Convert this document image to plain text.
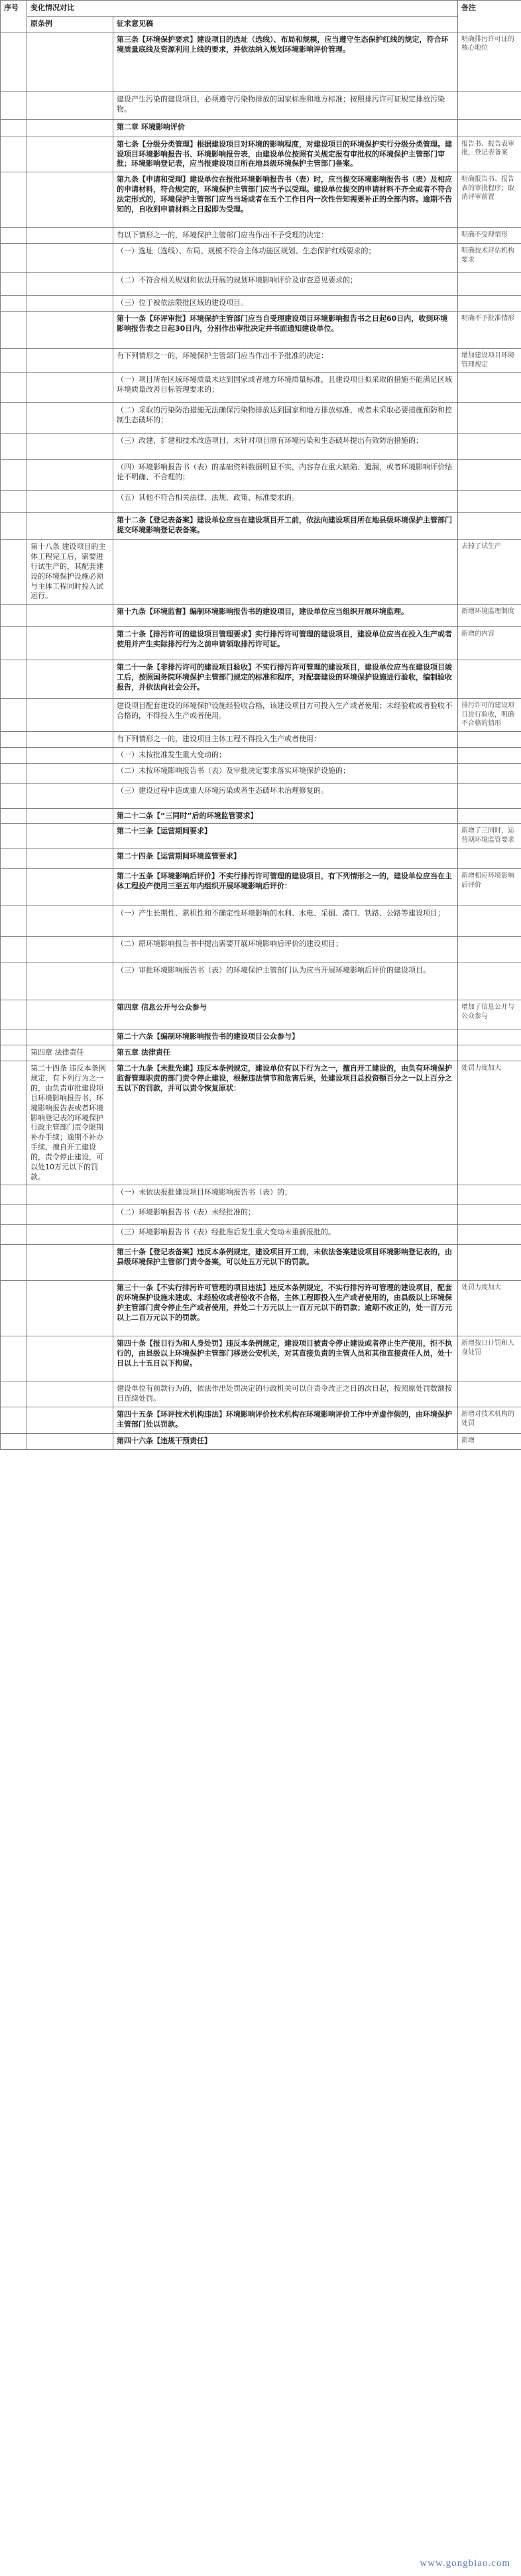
序号	变化情况对比		备注
	原条例	征求意见稿	
		第三条【环境保护要求】建设项目的选址（选线）、布局和规模，应当遵守生态保护红线的规定，符合环境质量底线及资源利用上线的要求，并依法纳入规划环境影响评价管理。	明确排污许可证的核心地位
		建设产生污染的建设项目，必须遵守污染物排放的国家标准和地方标准；按照排污许可证规定排放污染物。	
		第二章 环境影响评价	
		第七条【分级分类管理】根据建设项目对环境的影响程度，对建设项目的环境保护实行分级分类管理。建设项目环境影响报告书、环境影响报告表，由建设单位按照有关规定报有审批权的环境保护主管部门审批；环境影响登记表，应当报建设项目所在地县级环境保护主管部门备案。	报告书、报告表审批，登记表备案
		第九条【申请和受理】建设单位在报批环境影响报告书（表）时，应当提交环境影响报告书（表）及相应的申请材料，符合规定的，环境保护主管部门应当予以受理。建设单位提交的申请材料不齐全或者不符合法定形式的，环境保护主管部门应当当场或者在五个工作日内一次性告知需要补正的全部内容。逾期不告知的，自收到申请材料之日起即为受理。	明确报告书、报告表的审批程序；取消评审前置
		有以下情形之一的，环境保护主管部门应当作出不予受理的决定：	明确不受理情形
		（一）选址（选线）、布局、规模不符合主体功能区规划、生态保护红线要求的；	明确技术评估机构要求
		（二）不符合相关规划和依法开展的规划环境影响评价及审查意见要求的；	
		（三）位于被依法限批区域的建设项目。	
		第十一条【环评审批】环境保护主管部门应当自受理建设项目环境影响报告书之日起60日内，收到环境影响报告表之日起30日内，分别作出审批决定并书面通知建设单位。	明确不予批准情形
		有下列情形之一的，环境保护主管部门应当作出不予批准的决定：	增加建设项目环境管理规定
		（一）项目所在区域环境质量未达到国家或者地方环境质量标准，且建设项目拟采取的措施不能满足区域环境质量改善目标管理要求的；	
		（二）采取的污染防治措施无法确保污染物排放达到国家和地方排放标准，或者未采取必要措施预防和控制生态破坏的；	
		（三）改建、扩建和技术改造项目，未针对项目原有环境污染和生态破坏提出有效防治措施的；	
		（四）环境影响报告书（表）的基础资料数据明显不实，内容存在重大缺陷、遗漏，或者环境影响评价结论不明确、不合理的；	
		（五）其他不符合相关法律、法规、政策、标准要求的。	
		第十二条【登记表备案】建设单位应当在建设项目开工前，依法向建设项目所在地县级环境保护主管部门提交环境影响登记表备案。	
	第十八条 建设项目的主体工程完工后，需要进行试生产的，其配套建设的环境保护设施必须与主体工程同时投入试运行。		去掉了试生产
		第十九条【环境监督】编制环境影响报告书的建设项目，建设单位应当组织开展环境监理。	新增环境监理制度
		第二十条【排污许可的建设项目管理要求】实行排污许可管理的建设项目，建设单位应当在投入生产或者使用并产生实际排污行为之前申请领取排污许可证。	新增的内容
		第二十一条【非排污许可的建设项目验收】不实行排污许可管理的建设项目，建设单位应当在建设项目竣工后，按照国务院环境保护主管部门规定的标准和程序，对配套建设的环境保护设施进行验收，编制验收报告，并依法向社会公开。	
		建设项目配套建设的环境保护设施经验收合格，该建设项目方可投入生产或者使用；未经验收或者验收不合格的，不得投入生产或者使用。	排污许可的建设项目进行验收，明确不合格的情形
		有下列情形之一的，建设项目主体工程不得投入生产或者使用：	
		（一）未按批准发生重大变动的；	
		（二）未按环境影响报告书（表）及审批决定要求落实环境保护设施的；	
		（三）建设过程中造成重大环境污染或者生态破坏未治理修复的。	
		第二十二条【“三同时”后的环境监管要求】	
		第二十三条【运营期间要求】	新增了三同时，运营期环境监管要求
		第二十四条【运营期间环境监管要求】	
		第二十五条【环境影响后评价】不实行排污许可管理的建设项目，有下列情形之一的，建设单位应当在主体工程投产使用三至五年内组织开展环境影响后评价：	新增相应环境影响后评价
		（一）产生长期性、累积性和不确定性环境影响的水利、水电、采掘、港口、铁路、公路等建设项目；	
		（二）原环境影响报告书中提出需要开展环境影响后评价的建设项目；	
		（三）审批环境影响报告书（表）的环境保护主管部门认为应当开展环境影响后评价的建设项目。	
		第四章 信息公开与公众参与	增加了信息公开与公众参与
		第二十六条【编制环境影响报告书的建设项目公众参与】	
	第四章 法律责任	第五章 法律责任	
	第二十四条 违反本条例规定，有下列行为之一的，由负责审批建设项目环境影响报告书、环境影响报告表或者环境影响登记表的环境保护行政主管部门责令限期补办手续；逾期不补办手续，擅自开工建设的，责令停止建设，可以处10万元以下的罚款。	第二十九条【未批先建】违反本条例规定，建设单位有以下行为之一，擅自开工建设的，由负有环境保护监督管理职责的部门责令停止建设，根据违法情节和危害后果，处建设项目总投资额百分之一以上百分之五以下的罚款，并可以责令恢复原状：	处罚力度加大
		（一）未依法报批建设项目环境影响报告书（表）的；	
		（二）环境影响报告书（表）未经批准的；	
		（三）环境影响报告书（表）经批准后发生重大变动未重新报批的。	
		第三十条【登记表备案】违反本条例规定，建设项目开工前，未依法备案建设项目环境影响登记表的，由县级环境保护主管部门责令备案，可以处五万元以下的罚款。	
		第三十一条【不实行排污许可管理的项目违法】违反本条例规定，不实行排污许可管理的建设项目，配套的环境保护设施未建成、未经验收或者验收不合格，主体工程即投入生产或者使用的，由县级以上环境保护主管部门责令停止生产或者使用，并处二十万元以上一百万元以下的罚款；逾期不改正的，处一百万元以上二百万元以下的罚款。	处罚力度加大
		第四十条【报目行为和人身处罚】违反本条例规定，建设项目被责令停止建设或者停止生产使用，拒不执行的，由县级以上环境保护主管部门移送公安机关，对其直接负责的主管人员和其他直接责任人员，处十日以上十五日以下拘留。	新增按日计罚和人身处罚
		建设单位有前款行为的，依法作出处罚决定的行政机关可以自责令改正之日的次日起，按照原处罚数额按日连续处罚。	
		第四十五条【环评技术机构违法】环境影响评价技术机构在环境影响评价工作中弄虚作假的，由环境保护主管部门处以罚款。	新增对技术机构的处罚
		第四十六条【违规干预责任】	新增
www.gongbiao.com
